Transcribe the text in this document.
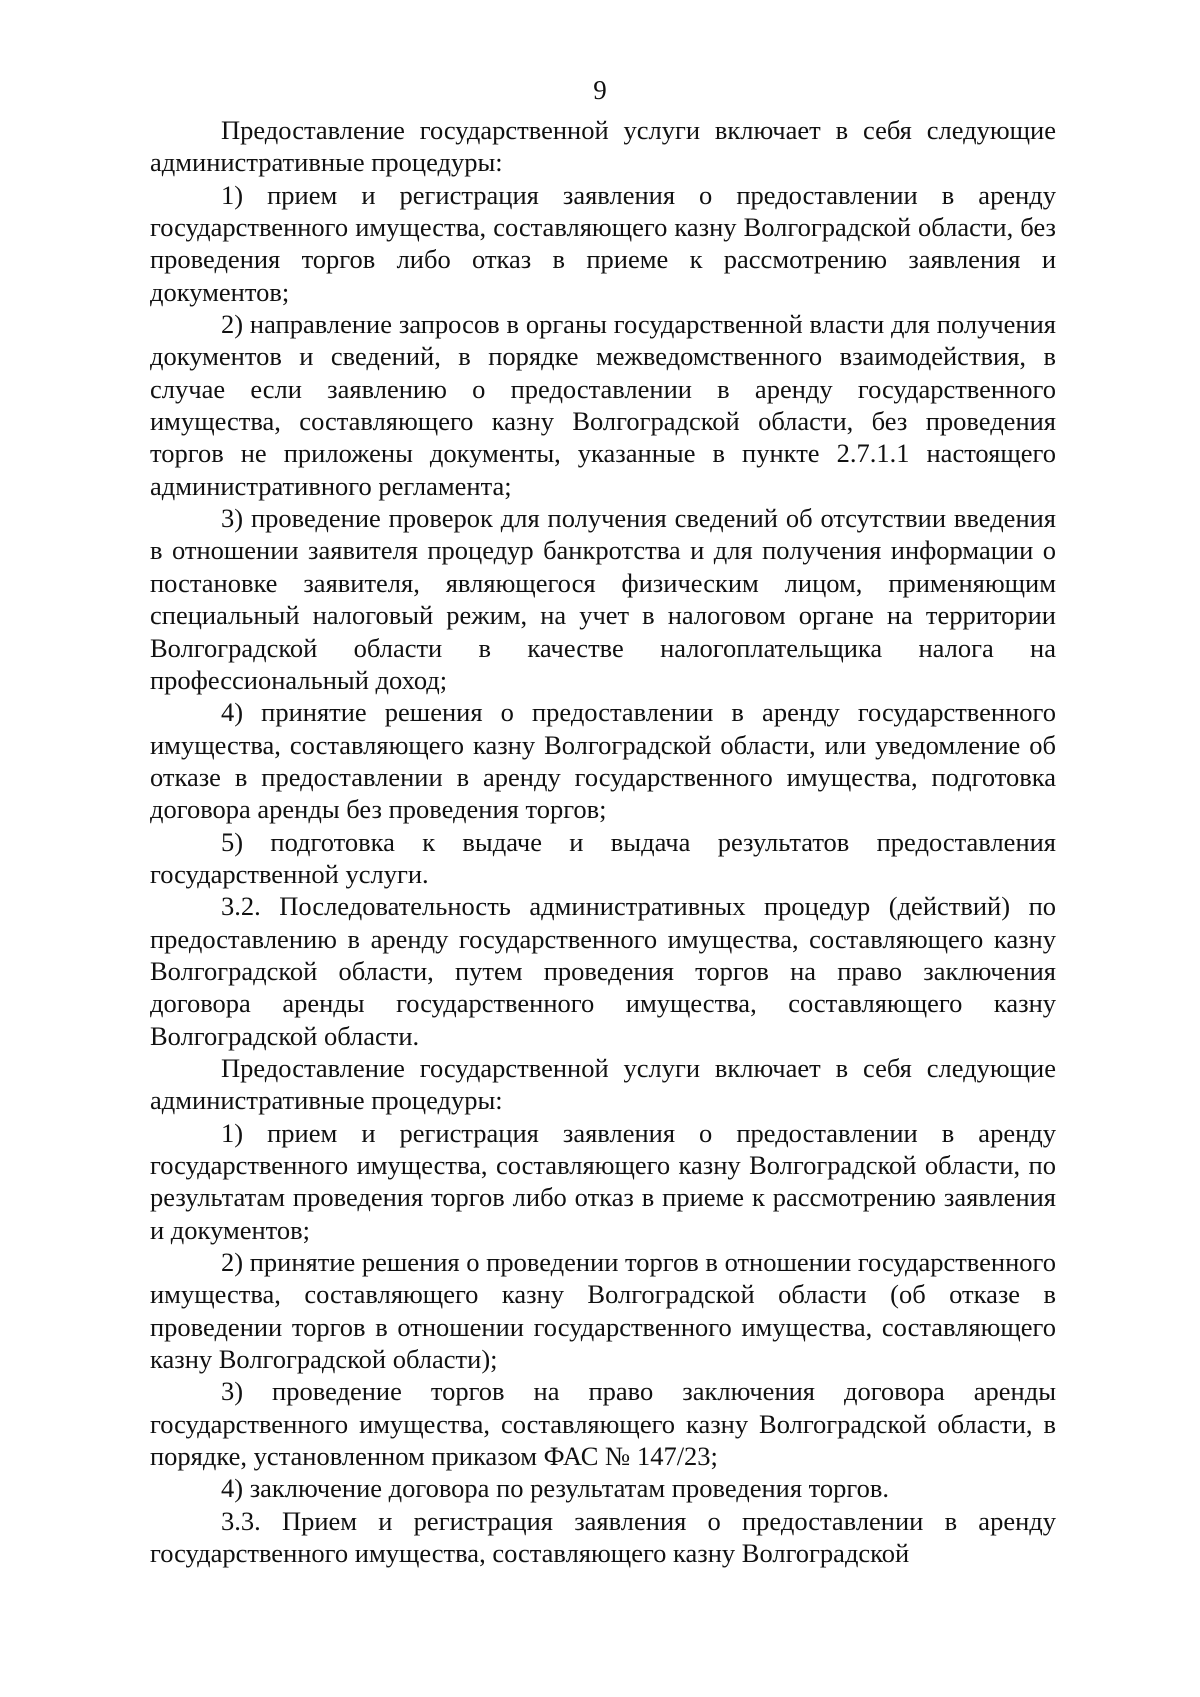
9

Предоставление государственной услуги включает в себя следующие административные процедуры:

1) прием и регистрация заявления о предоставлении в аренду государственного имущества, составляющего казну Волгоградской области, без проведения торгов либо отказ в приеме к рассмотрению заявления и документов;

2) направление запросов в органы государственной власти для получения документов и сведений, в порядке межведомственного взаимодействия, в случае если заявлению о предоставлении в аренду государственного имущества, составляющего казну Волгоградской области, без проведения торгов не приложены документы, указанные в пункте 2.7.1.1 настоящего административного регламента;

3) проведение проверок для получения сведений об отсутствии введения в отношении заявителя процедур банкротства и для получения информации о постановке заявителя, являющегося физическим лицом, применяющим специальный налоговый режим, на учет в налоговом органе на территории Волгоградской области в качестве налогоплательщика налога на профессиональный доход;

4) принятие решения о предоставлении в аренду государственного имущества, составляющего казну Волгоградской области, или уведомление об отказе в предоставлении в аренду государственного имущества, подготовка договора аренды без проведения торгов;

5) подготовка к выдаче и выдача результатов предоставления государственной услуги.

3.2. Последовательность административных процедур (действий) по предоставлению в аренду государственного имущества, составляющего казну Волгоградской области, путем проведения торгов на право заключения договора аренды государственного имущества, составляющего казну Волгоградской области.

Предоставление государственной услуги включает в себя следующие административные процедуры:

1) прием и регистрация заявления о предоставлении в аренду государственного имущества, составляющего казну Волгоградской области, по результатам проведения торгов либо отказ в приеме к рассмотрению заявления и документов;

2) принятие решения о проведении торгов в отношении государственного имущества, составляющего казну Волгоградской области (об отказе в проведении торгов в отношении государственного имущества, составляющего казну Волгоградской области);

3) проведение торгов на право заключения договора аренды государственного имущества, составляющего казну Волгоградской области, в порядке, установленном приказом ФАС № 147/23;

4) заключение договора по результатам проведения торгов.

3.3. Прием и регистрация заявления о предоставлении в аренду государственного имущества, составляющего казну Волгоградской
